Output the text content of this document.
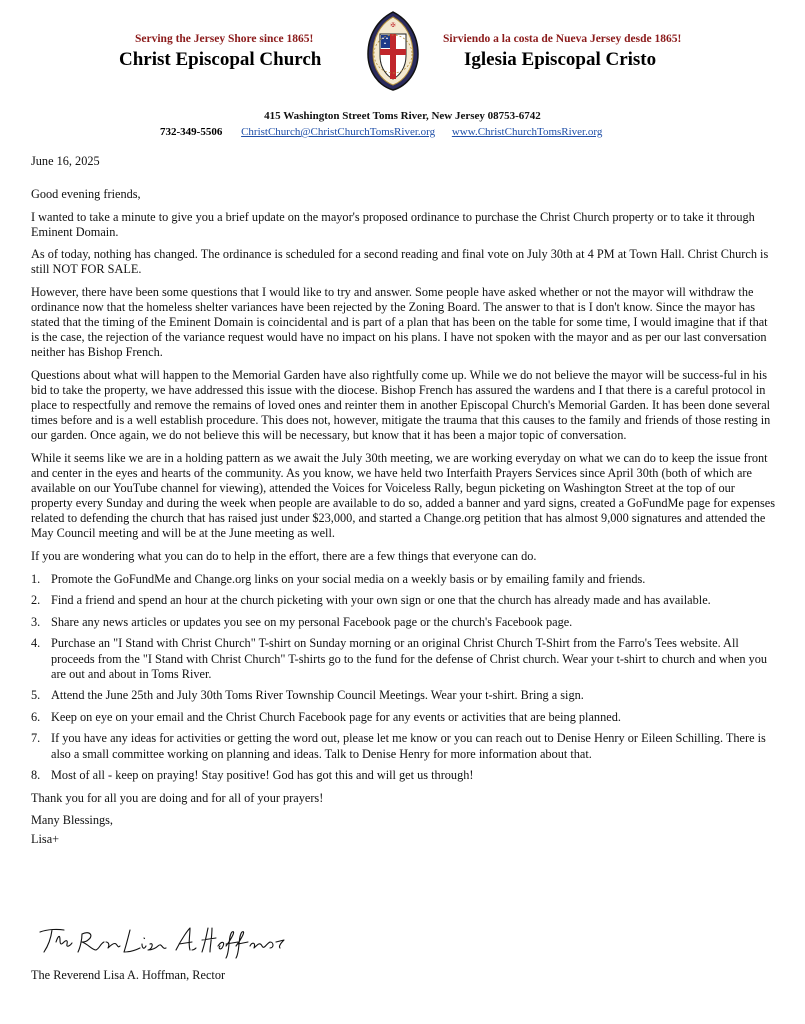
Serving the Jersey Shore since 1865!	Sirviendo a la costa de Nueva Jersey desde 1865!
Christ Episcopal Church	Iglesia Episcopal Cristo
✠
415 Washington Street Toms River, New Jersey 08753-6742
732-349-5506 ChristChurch@ChristChurchTomsRiver.org www.ChristChurchTomsRiver.org

June 16, 2025

Good evening friends,

I wanted to take a minute to give you a brief update on the mayor's proposed ordinance to purchase the Christ Church property or to take it through Eminent Domain.

As of today, nothing has changed. The ordinance is scheduled for a second reading and final vote on July 30th at 4 PM at Town Hall. Christ Church is still NOT FOR SALE.

However, there have been some questions that I would like to try and answer. Some people have asked whether or not the mayor will withdraw the ordinance now that the homeless shelter variances have been rejected by the Zoning Board. The answer to that is I don't know. Since the mayor has stated that the timing of the Eminent Domain is coincidental and is part of a plan that has been on the table for some time, I would imagine that if that is the case, the rejection of the variance request would have no impact on his plans. I have not spoken with the mayor and as per our last conversation neither has Bishop French.

Questions about what will happen to the Memorial Garden have also rightfully come up. While we do not believe the mayor will be success-ful in his bid to take the property, we have addressed this issue with the diocese. Bishop French has assured the wardens and I that there is a careful protocol in place to respectfully and remove the remains of loved ones and reinter them in another Episcopal Church's Memorial Garden. It has been done several times before and is a well establish procedure. This does not, however, mitigate the trauma that this causes to the family and friends of those resting in our garden. Once again, we do not believe this will be necessary, but know that it has been a major topic of conversation.

While it seems like we are in a holding pattern as we await the July 30th meeting, we are working everyday on what we can do to keep the issue front and center in the eyes and hearts of the community. As you know, we have held two Interfaith Prayers Services since April 30th (both of which are available on our YouTube channel for viewing), attended the Voices for Voiceless Rally, begun picketing on Washington Street at the top of our property every Sunday and during the week when people are available to do so, added a banner and yard signs, created a GoFundMe page for expenses related to defending the church that has raised just under $23,000, and started a Change.org petition that has almost 9,000 signatures and attended the May Council meeting and will be at the June meeting as well.

If you are wondering what you can do to help in the effort, there are a few things that everyone can do.

1. Promote the GoFundMe and Change.org links on your social media on a weekly basis or by emailing family and friends.
2. Find a friend and spend an hour at the church picketing with your own sign or one that the church has already made and has available.
3. Share any news articles or updates you see on my personal Facebook page or the church's Facebook page.
4. Purchase an "I Stand with Christ Church" T-shirt on Sunday morning or an original Christ Church T-Shirt from the Farro's Tees website. All proceeds from the "I Stand with Christ Church" T-shirts go to the fund for the defense of Christ church. Wear your t-shirt to church and when you are out and about in Toms River.
5. Attend the June 25th and July 30th Toms River Township Council Meetings. Wear your t-shirt. Bring a sign.
6. Keep on eye on your email and the Christ Church Facebook page for any events or activities that are being planned.
7. If you have any ideas for activities or getting the word out, please let me know or you can reach out to Denise Henry or Eileen Schilling. There is also a small committee working on planning and ideas. Talk to Denise Henry for more information about that.
8. Most of all - keep on praying! Stay positive! God has got this and will get us through!

Thank you for all you are doing and for all of your prayers!

Many Blessings,

Lisa+

The Reverend Lisa A. Hoffman, Rector
